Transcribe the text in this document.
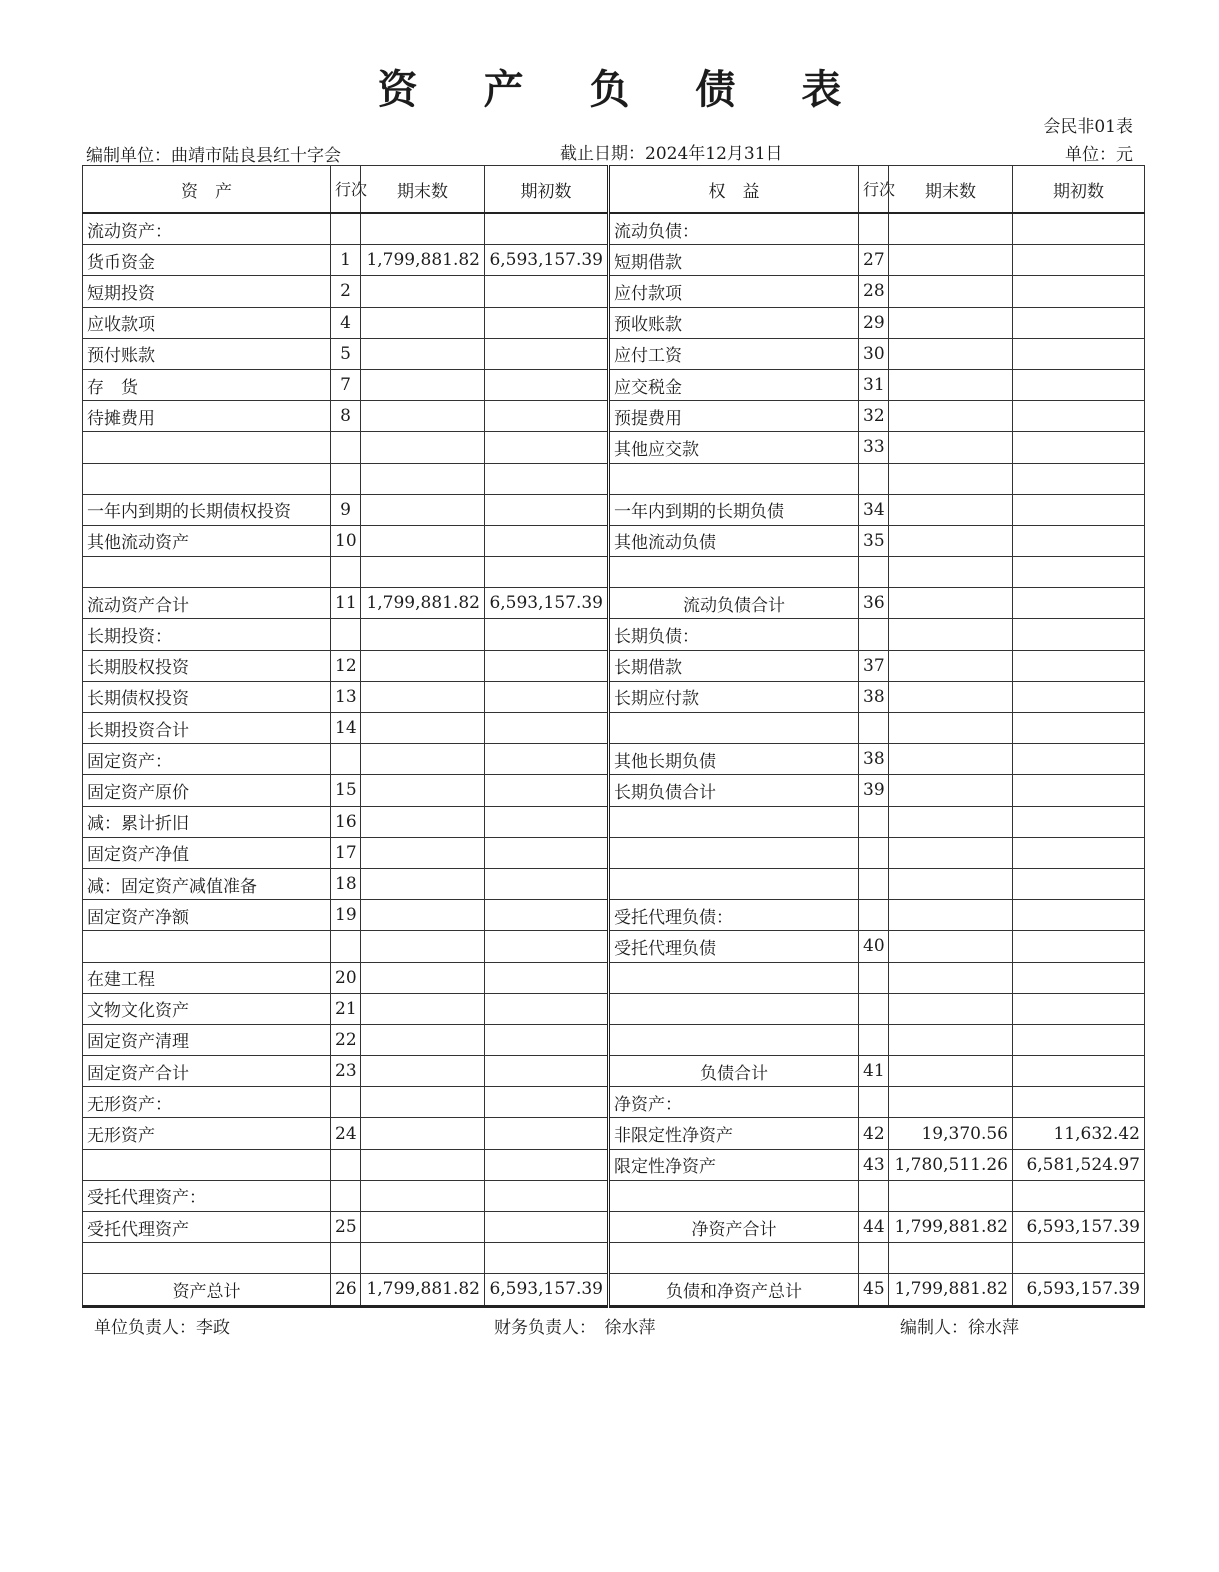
资 产 负 债 表
会民非01表
编制单位：曲靖市陆良县红十字会	截止日期：2024年12月31日	单位：元
资　产	行次	期末数	期初数	权　益	行次	期末数	期初数
流动资产：				流动负债：			
货币资金	1	1,799,881.82	6,593,157.39	短期借款	27		
短期投资	2			应付款项	28		
应收款项	4			预收账款	29		
预付账款	5			应付工资	30		
存　货	7			应交税金	31		
待摊费用	8			预提费用	32		
				其他应交款	33		

一年内到期的长期债权投资	9			一年内到期的长期负债	34		
其他流动资产	10			其他流动负债	35		

流动资产合计	11	1,799,881.82	6,593,157.39	流动负债合计	36		
长期投资：				长期负债：			
长期股权投资	12			长期借款	37		
长期债权投资	13			长期应付款	38		
长期投资合计	14						
固定资产：				其他长期负债	38		
固定资产原价	15			长期负债合计	39		
减：累计折旧	16						
固定资产净值	17						
减：固定资产减值准备	18						
固定资产净额	19			受托代理负债：			
				受托代理负债	40		
在建工程	20						
文物文化资产	21						
固定资产清理	22						
固定资产合计	23			负债合计	41		
无形资产：				净资产：			
无形资产	24			非限定性净资产	42	19,370.56	11,632.42
				限定性净资产	43	1,780,511.26	6,581,524.97
受托代理资产：							
受托代理资产	25			净资产合计	44	1,799,881.82	6,593,157.39

资产总计	26	1,799,881.82	6,593,157.39	负债和净资产总计	45	1,799,881.82	6,593,157.39
单位负责人：李政	财务负责人：　徐水萍	编制人：徐水萍
